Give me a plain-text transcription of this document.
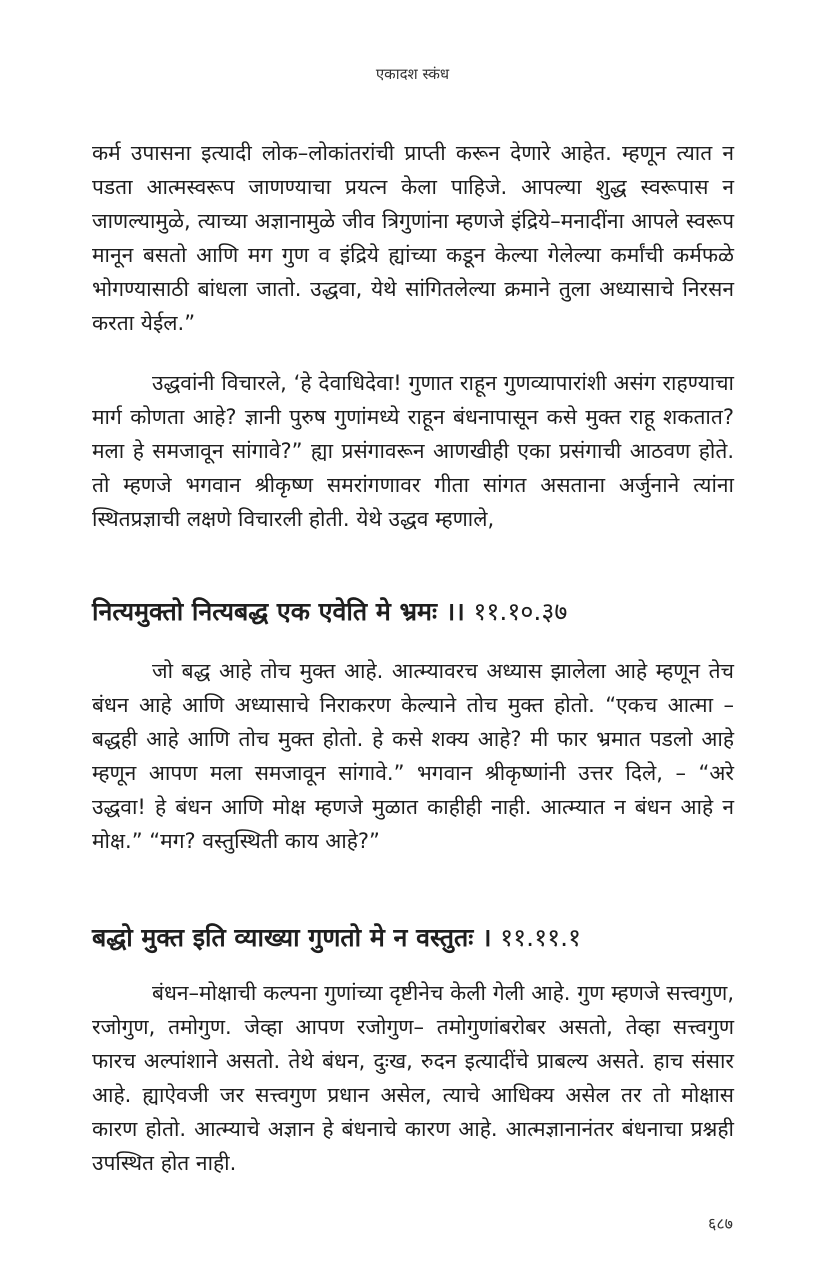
एकादश स्कंध

कर्म उपासना इत्यादी लोक–लोकांतरांची प्राप्ती करून देणारे आहेत. म्हणून त्यात न पडता आत्मस्वरूप जाणण्याचा प्रयत्न केला पाहिजे. आपल्या शुद्ध स्वरूपास न जाणल्यामुळे, त्याच्या अज्ञानामुळे जीव त्रिगुणांना म्हणजे इंद्रिये–मनादींना आपले स्वरूप मानून बसतो आणि मग गुण व इंद्रिये ह्यांच्या कडून केल्या गेलेल्या कर्मांची कर्मफळे भोगण्यासाठी बांधला जातो. उद्धवा, येथे सांगितलेल्या क्रमाने तुला अध्यासाचे निरसन करता येईल.”

उद्धवांनी विचारले, ‘हे देवाधिदेवा! गुणात राहून गुणव्यापारांशी असंग राहण्याचा मार्ग कोणता आहे? ज्ञानी पुरुष गुणांमध्ये राहून बंधनापासून कसे मुक्त राहू शकतात? मला हे समजावून सांगावे?” ह्या प्रसंगावरून आणखीही एका प्रसंगाची आठवण होते. तो म्हणजे भगवान श्रीकृष्ण समरांगणावर गीता सांगत असताना अर्जुनाने त्यांना स्थितप्रज्ञाची लक्षणे विचारली होती. येथे उद्धव म्हणाले,

नित्यमुक्तो नित्यबद्ध एक एवेति मे भ्रमः ।। ११.१०.३७

जो बद्ध आहे तोच मुक्त आहे. आत्म्यावरच अध्यास झालेला आहे म्हणून तेच बंधन आहे आणि अध्यासाचे निराकरण केल्याने तोच मुक्त होतो. “एकच आत्मा – बद्धही आहे आणि तोच मुक्त होतो. हे कसे शक्य आहे? मी फार भ्रमात पडलो आहे म्हणून आपण मला समजावून सांगावे.” भगवान श्रीकृष्णांनी उत्तर दिले, – “अरे उद्धवा! हे बंधन आणि मोक्ष म्हणजे मुळात काहीही नाही. आत्म्यात न बंधन आहे न मोक्ष.” “मग? वस्तुस्थिती काय आहे?”

बद्धो मुक्त इति व्याख्या गुणतो मे न वस्तुतः । ११.११.१

बंधन–मोक्षाची कल्पना गुणांच्या दृष्टीनेच केली गेली आहे. गुण म्हणजे सत्त्वगुण, रजोगुण, तमोगुण. जेव्हा आपण रजोगुण– तमोगुणांबरोबर असतो, तेव्हा सत्त्वगुण फारच अल्पांशाने असतो. तेथे बंधन, दुःख, रुदन इत्यादींचे प्राबल्य असते. हाच संसार आहे. ह्याऐवजी जर सत्त्वगुण प्रधान असेल, त्याचे आधिक्य असेल तर तो मोक्षास कारण होतो. आत्म्याचे अज्ञान हे बंधनाचे कारण आहे. आत्मज्ञानानंतर बंधनाचा प्रश्नही उपस्थित होत नाही.

६८७
